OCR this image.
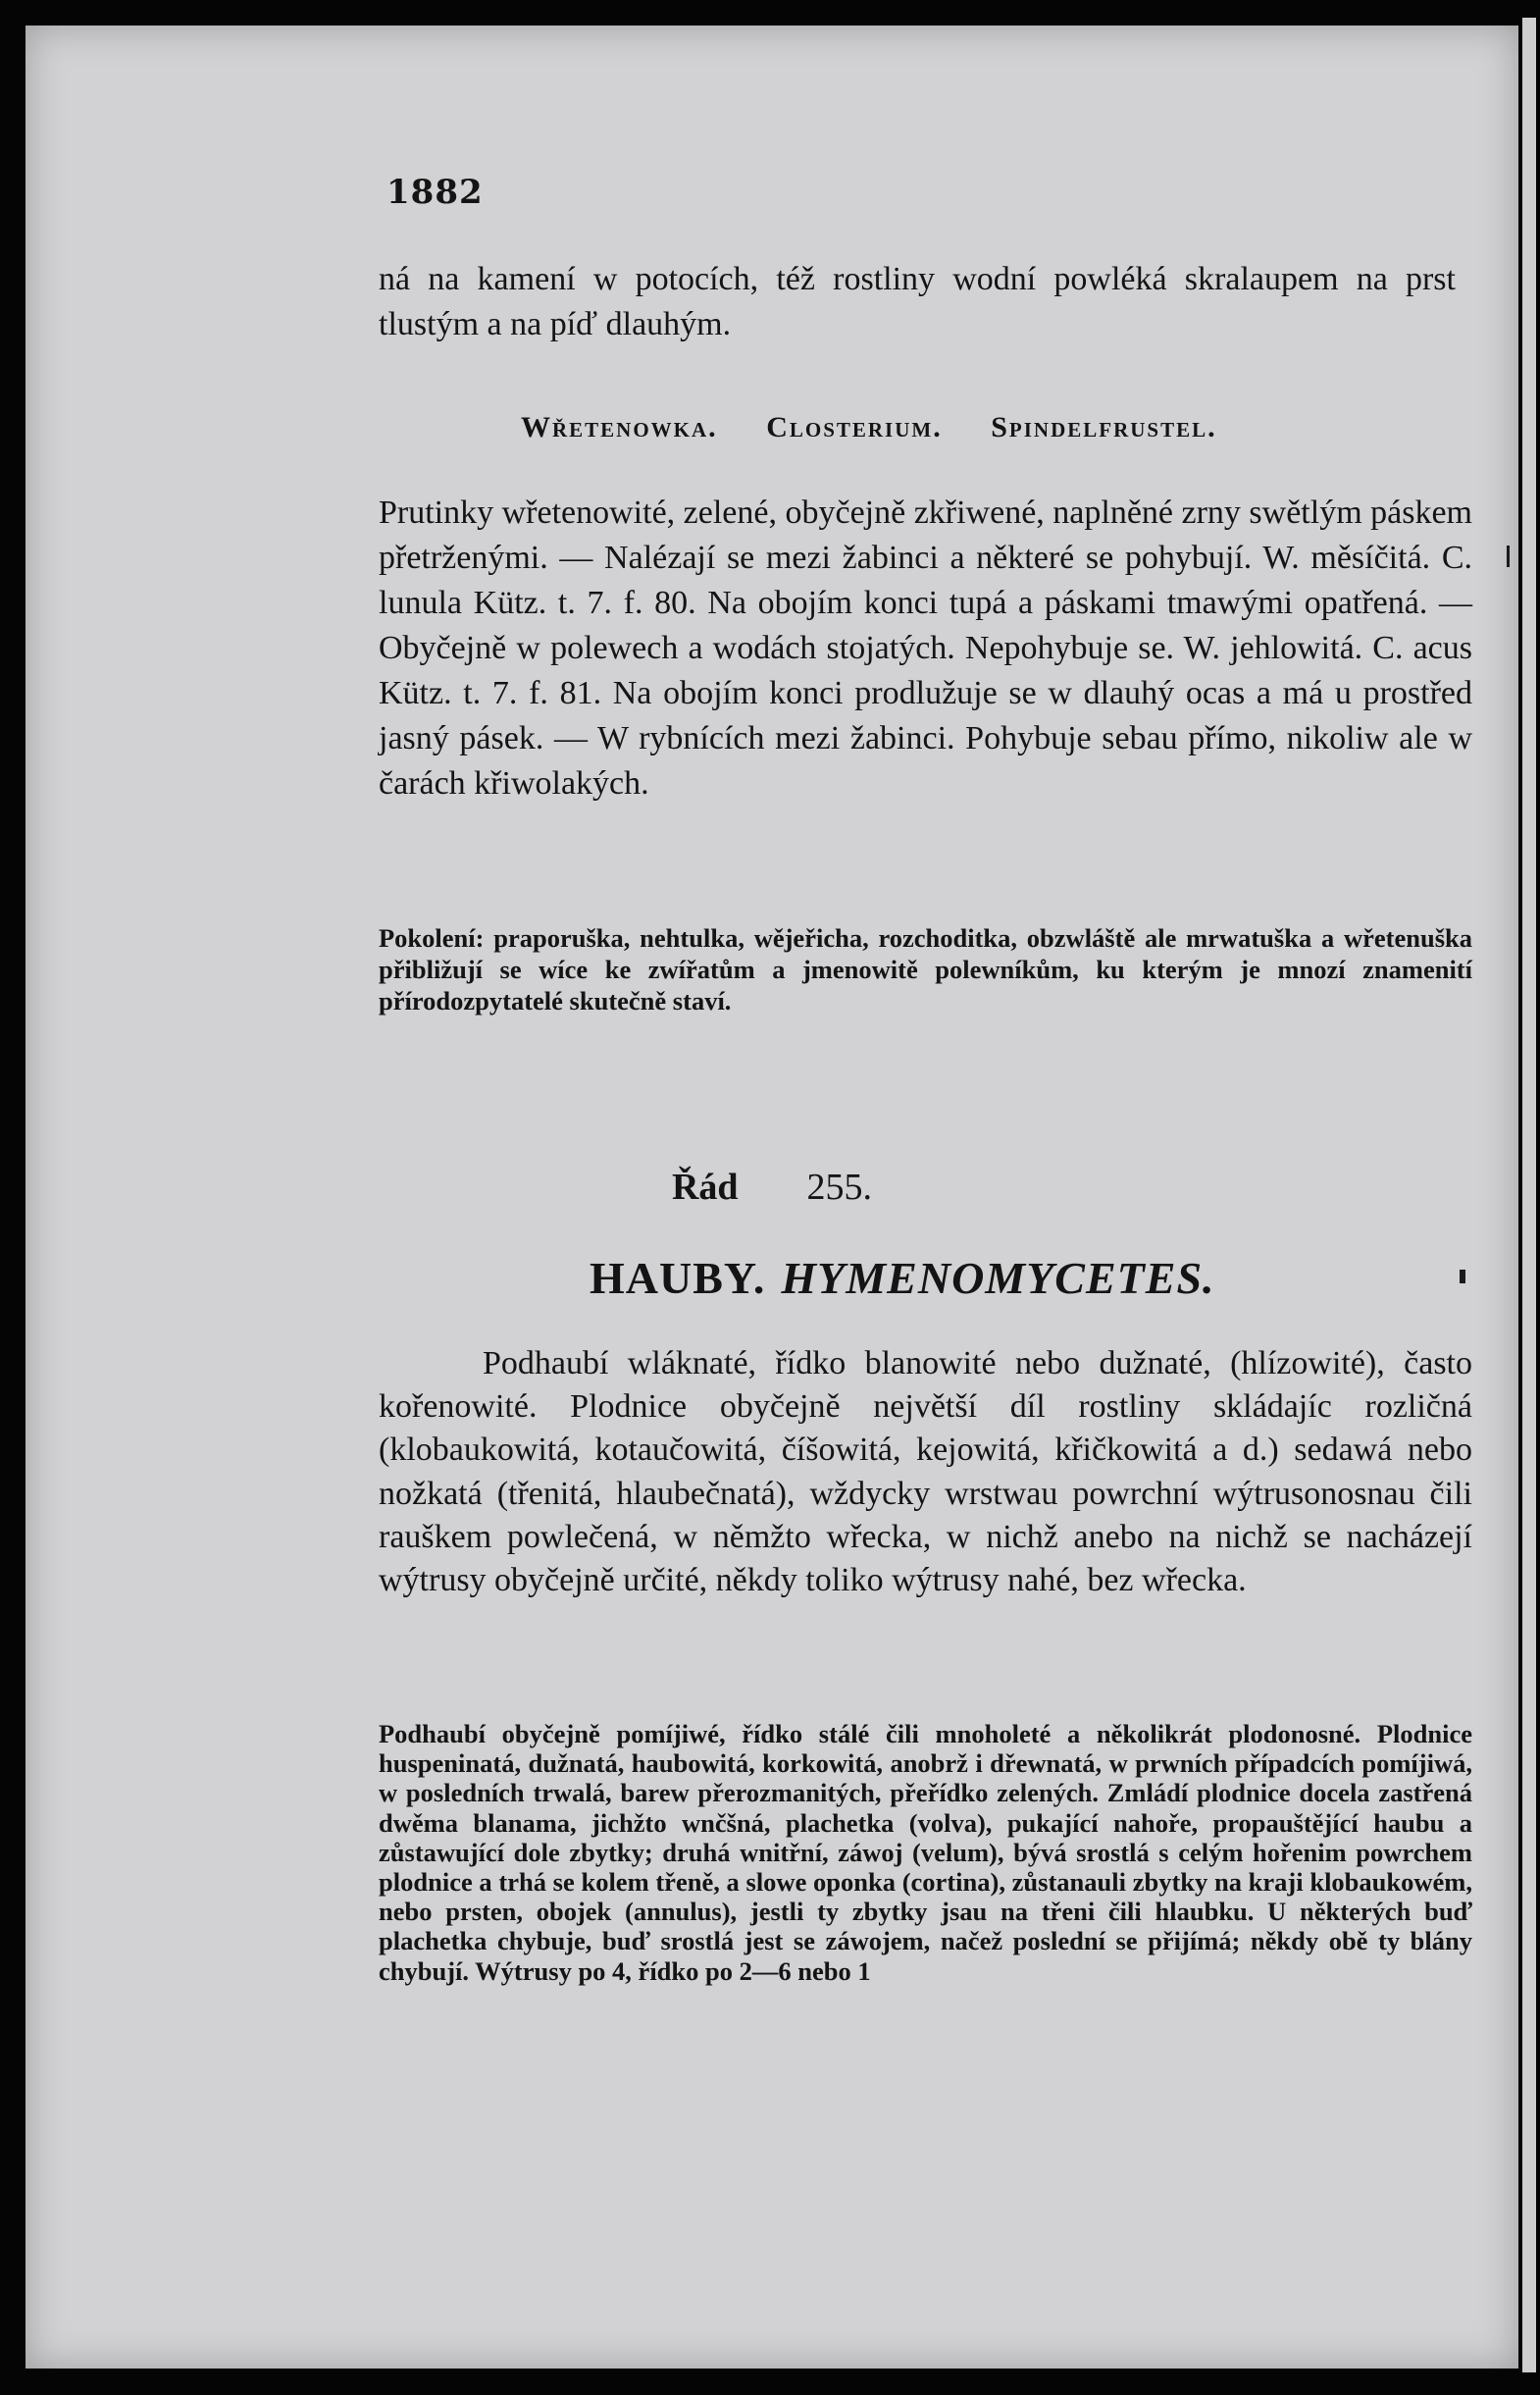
1882
ná na kamení w potocích, též rostliny wodní powléká skralaupem na prst tlustým a na píď dlauhým.
Wřetenowka. Closterium. Spindelfrustel.
Prutinky wřetenowité, zelené, obyčejně zkřiwené, naplněné zrny swětlým páskem přetrženými. — Nalézají se mezi žabinci a některé se pohybují. W. měsíčitá. C. lunula Kütz. t. 7. f. 80. Na obojím konci tupá a páskami tmawými opatřená. — Obyčejně w polewech a wodách stojatých. Nepohybuje se. W. jehlowitá. C. acus Kütz. t. 7. f. 81. Na obojím konci prodlužuje se w dlauhý ocas a má u prostřed jasný pásek. — W rybnících mezi žabinci. Pohybuje sebau přímo, nikoliw ale w čarách křiwolakých.
Pokolení: praporuška, nehtulka, wějeřicha, rozchoditka, obzwláště ale mrwatuška a wřetenuška přibližují se wíce ke zwířatům a jmenowitě polewníkům, ku kterým je mnozí znamenití přírodozpytatelé skutečně staví.
Řád 255.
HAUBY. HYMENOMYCETES.
Podhaubí wláknaté, řídko blanowité nebo dužnaté, (hlízowité), často kořenowité. Plodnice obyčejně největší díl rostliny skládajíc rozličná (klobaukowitá, kotaučowitá, číšowitá, kejowitá, křičkowitá a d.) sedawá nebo nožkatá (třenitá, hlaubečnatá), wždycky wrstwau powrchní wýtrusonosnau čili rauškem powlečená, w němžto wřecka, w nichž anebo na nichž se nacházejí wýtrusy obyčejně určité, někdy toliko wýtrusy nahé, bez wřecka.
Podhaubí obyčejně pomíjiwé, řídko stálé čili mnoholeté a několikrát plodonosné. Plodnice huspeninatá, dužnatá, haubowitá, korkowitá, anobrž i dřewnatá, w prwních případcích pomíjiwá, w posledních trwalá, barew přerozmanitých, přeřídko zelených. Zmládí plodnice docela zastřená dwěma blanama, jichžto wnčšná, plachetka (volva), pukající nahoře, propauštějící haubu a zůstawující dole zbytky; druhá wnitřní, záwoj (velum), bývá srostlá s celým hořenim powrchem plodnice a trhá se kolem třeně, a slowe oponka (cortina), zůstanauli zbytky na kraji klobaukowém, nebo prsten, obojek (annulus), jestli ty zbytky jsau na třeni čili hlaubku. U některých buď plachetka chybuje, buď srostlá jest se záwojem, načež poslední se přijímá; někdy obě ty blány chybují. Wýtrusy po 4, řídko po 2—6 nebo 1
